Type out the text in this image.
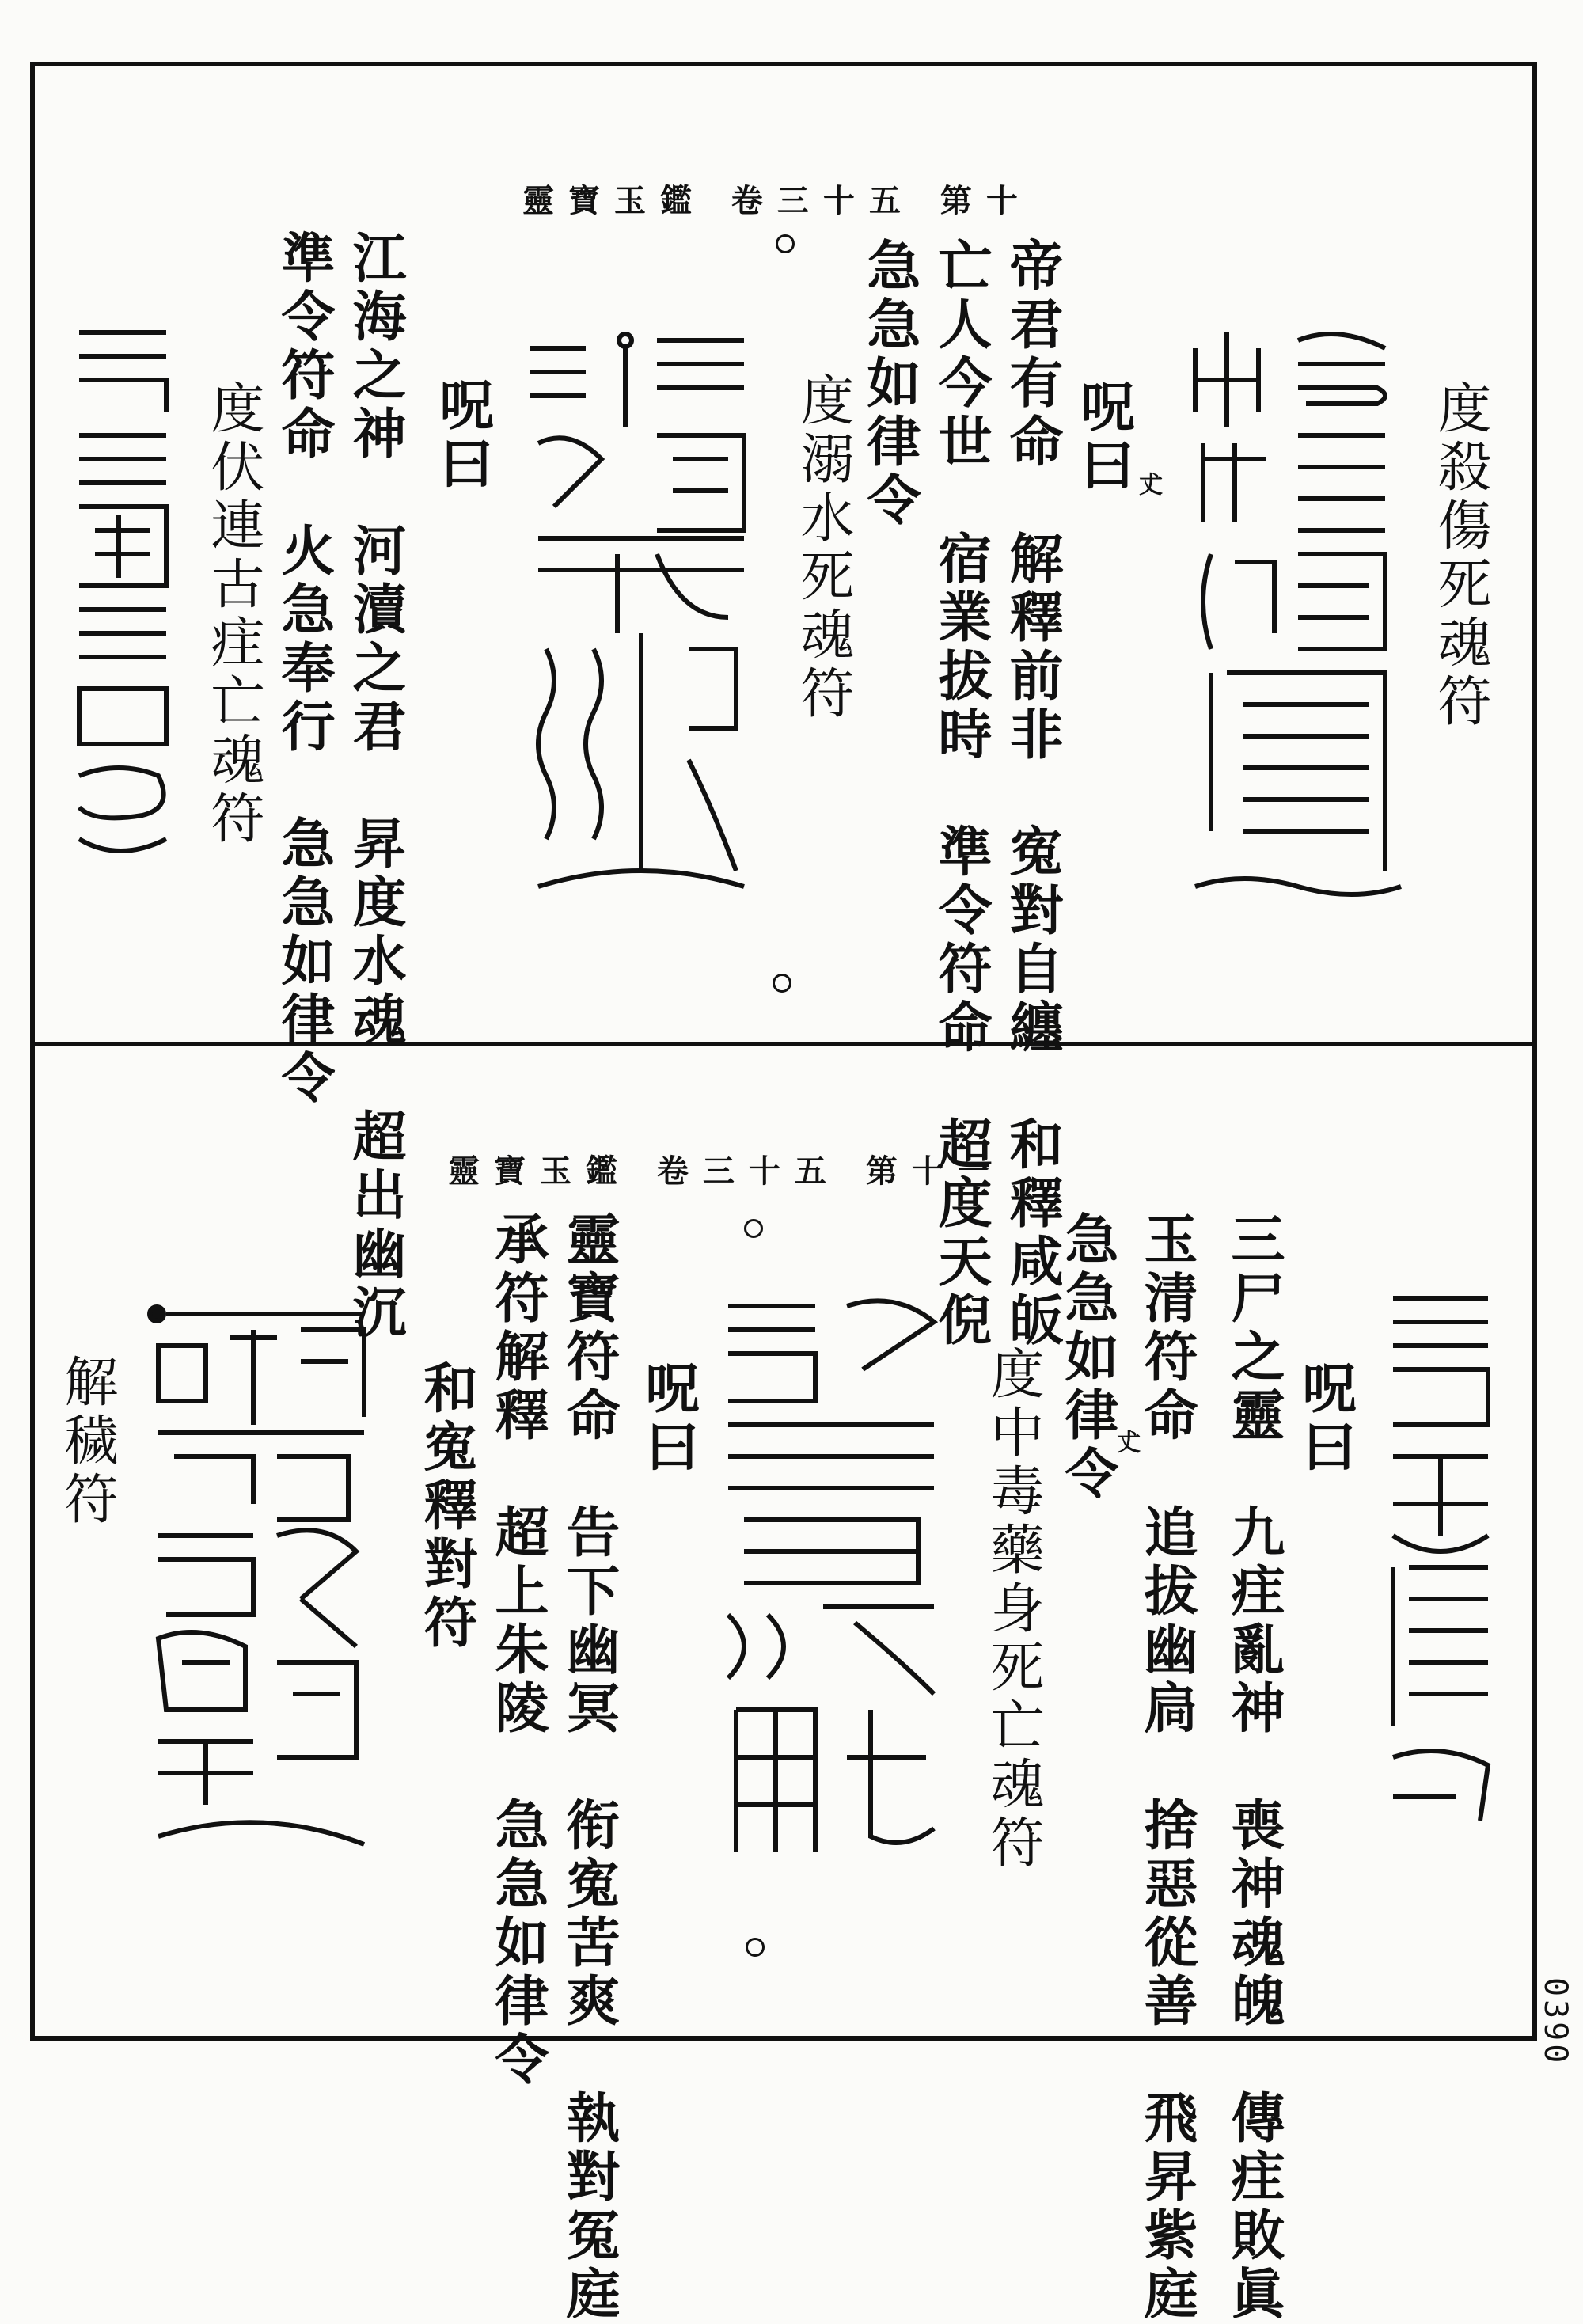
靈寶玉鑑 卷三十五 第十
度殺傷死魂符
𠀋
呪曰
帝君有命　解釋前非　寃對自纏　和釋咸皈
亡人今世　宿業拔時　準令符命　超度天倪
急急如律令
度溺水死魂符
呪曰
江海之神　河瀆之君　昇度水魂　超出幽沉
準令符命　火急奉行　急急如律令
度伏連古疰亡魂符
靈寶玉鑑 卷三十五 第十一
呪曰
三尸之靈　九疰亂神　喪神魂魄　傳疰敗眞
玉清符命　追拔幽扃　捨惡從善　飛昇紫庭
急急如律令
𠀋
度中毒藥身死亡魂符
呪曰
靈寶符命　告下幽冥　衔寃苦爽　執對冤庭
承符解釋　超上朱陵　急急如律令
和寃釋對符
解穢符
0390
